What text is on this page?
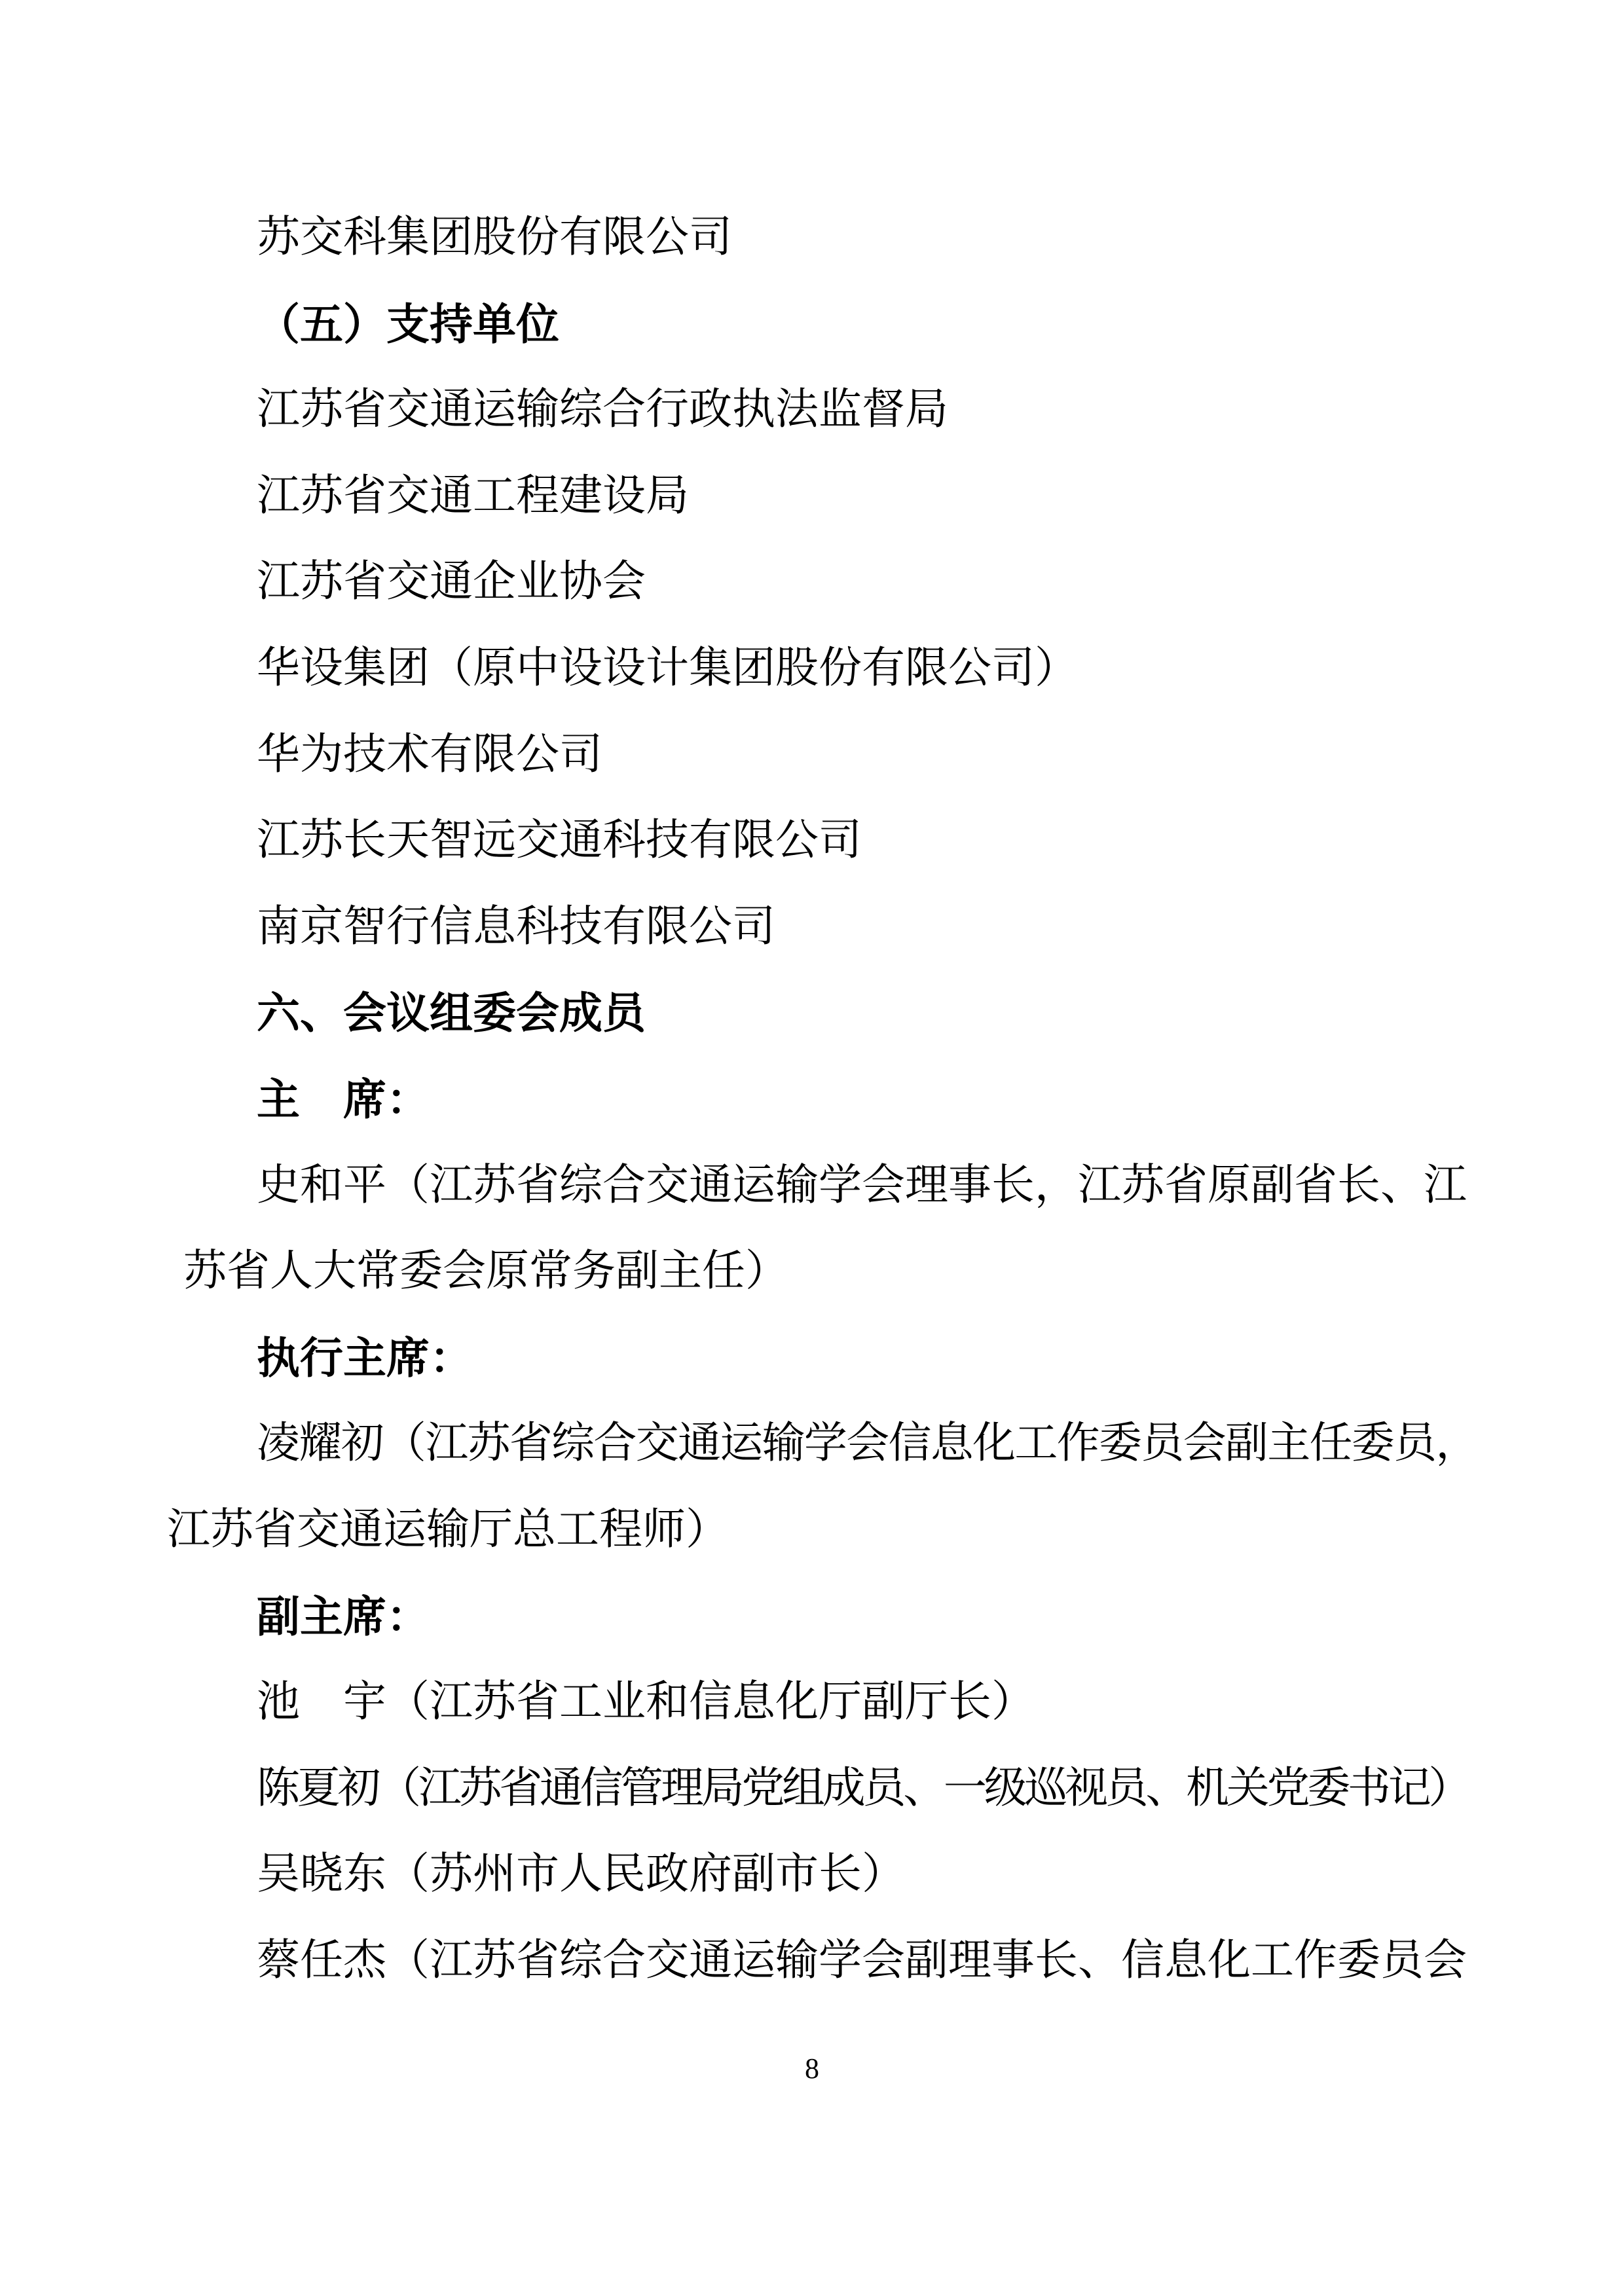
苏交科集团股份有限公司
（五）支持单位
江苏省交通运输综合行政执法监督局
江苏省交通工程建设局
江苏省交通企业协会
华设集团（原中设设计集团股份有限公司）
华为技术有限公司
江苏长天智远交通科技有限公司
南京智行信息科技有限公司
六、会议组委会成员
主　席：
史和平（江苏省综合交通运输学会理事长，江苏省原副省长、江
苏省人大常委会原常务副主任）
执行主席：
凌耀初（江苏省综合交通运输学会信息化工作委员会副主任委员，
江苏省交通运输厅总工程师）
副主席：
池　宇（江苏省工业和信息化厅副厅长）
陈夏初（江苏省通信管理局党组成员、一级巡视员、机关党委书记）
吴晓东（苏州市人民政府副市长）
蔡任杰（江苏省综合交通运输学会副理事长、信息化工作委员会
8
